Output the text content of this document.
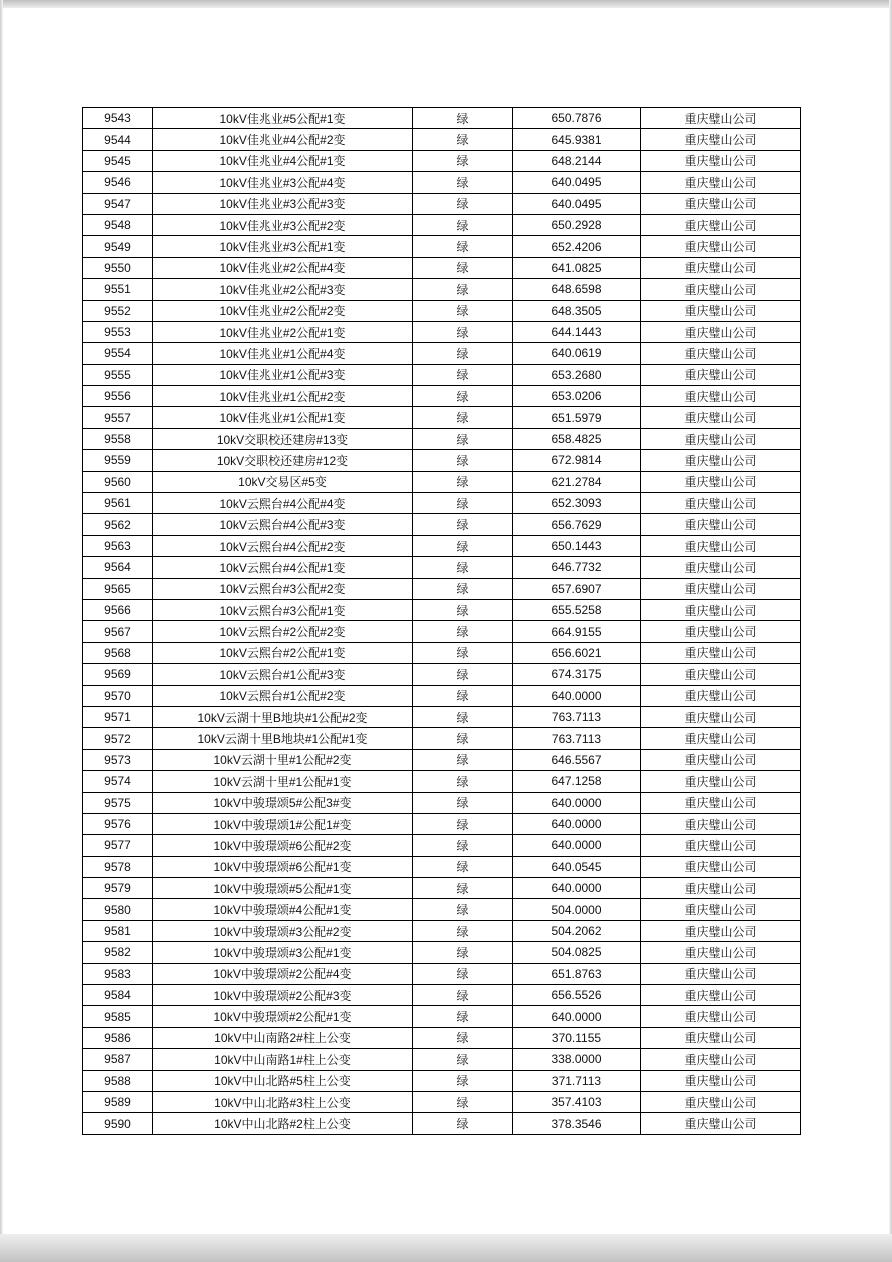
9543	10kV佳兆业#5公配#1变	绿	650.7876	重庆璧山公司
9544	10kV佳兆业#4公配#2变	绿	645.9381	重庆璧山公司
9545	10kV佳兆业#4公配#1变	绿	648.2144	重庆璧山公司
9546	10kV佳兆业#3公配#4变	绿	640.0495	重庆璧山公司
9547	10kV佳兆业#3公配#3变	绿	640.0495	重庆璧山公司
9548	10kV佳兆业#3公配#2变	绿	650.2928	重庆璧山公司
9549	10kV佳兆业#3公配#1变	绿	652.4206	重庆璧山公司
9550	10kV佳兆业#2公配#4变	绿	641.0825	重庆璧山公司
9551	10kV佳兆业#2公配#3变	绿	648.6598	重庆璧山公司
9552	10kV佳兆业#2公配#2变	绿	648.3505	重庆璧山公司
9553	10kV佳兆业#2公配#1变	绿	644.1443	重庆璧山公司
9554	10kV佳兆业#1公配#4变	绿	640.0619	重庆璧山公司
9555	10kV佳兆业#1公配#3变	绿	653.2680	重庆璧山公司
9556	10kV佳兆业#1公配#2变	绿	653.0206	重庆璧山公司
9557	10kV佳兆业#1公配#1变	绿	651.5979	重庆璧山公司
9558	10kV交职校还建房#13变	绿	658.4825	重庆璧山公司
9559	10kV交职校还建房#12变	绿	672.9814	重庆璧山公司
9560	10kV交易区#5变	绿	621.2784	重庆璧山公司
9561	10kV云熙台#4公配#4变	绿	652.3093	重庆璧山公司
9562	10kV云熙台#4公配#3变	绿	656.7629	重庆璧山公司
9563	10kV云熙台#4公配#2变	绿	650.1443	重庆璧山公司
9564	10kV云熙台#4公配#1变	绿	646.7732	重庆璧山公司
9565	10kV云熙台#3公配#2变	绿	657.6907	重庆璧山公司
9566	10kV云熙台#3公配#1变	绿	655.5258	重庆璧山公司
9567	10kV云熙台#2公配#2变	绿	664.9155	重庆璧山公司
9568	10kV云熙台#2公配#1变	绿	656.6021	重庆璧山公司
9569	10kV云熙台#1公配#3变	绿	674.3175	重庆璧山公司
9570	10kV云熙台#1公配#2变	绿	640.0000	重庆璧山公司
9571	10kV云湖十里B地块#1公配#2变	绿	763.7113	重庆璧山公司
9572	10kV云湖十里B地块#1公配#1变	绿	763.7113	重庆璧山公司
9573	10kV云湖十里#1公配#2变	绿	646.5567	重庆璧山公司
9574	10kV云湖十里#1公配#1变	绿	647.1258	重庆璧山公司
9575	10kV中骏璟颂5#公配3#变	绿	640.0000	重庆璧山公司
9576	10kV中骏璟颂1#公配1#变	绿	640.0000	重庆璧山公司
9577	10kV中骏璟颂#6公配#2变	绿	640.0000	重庆璧山公司
9578	10kV中骏璟颂#6公配#1变	绿	640.0545	重庆璧山公司
9579	10kV中骏璟颂#5公配#1变	绿	640.0000	重庆璧山公司
9580	10kV中骏璟颂#4公配#1变	绿	504.0000	重庆璧山公司
9581	10kV中骏璟颂#3公配#2变	绿	504.2062	重庆璧山公司
9582	10kV中骏璟颂#3公配#1变	绿	504.0825	重庆璧山公司
9583	10kV中骏璟颂#2公配#4变	绿	651.8763	重庆璧山公司
9584	10kV中骏璟颂#2公配#3变	绿	656.5526	重庆璧山公司
9585	10kV中骏璟颂#2公配#1变	绿	640.0000	重庆璧山公司
9586	10kV中山南路2#柱上公变	绿	370.1155	重庆璧山公司
9587	10kV中山南路1#柱上公变	绿	338.0000	重庆璧山公司
9588	10kV中山北路#5柱上公变	绿	371.7113	重庆璧山公司
9589	10kV中山北路#3柱上公变	绿	357.4103	重庆璧山公司
9590	10kV中山北路#2柱上公变	绿	378.3546	重庆璧山公司
